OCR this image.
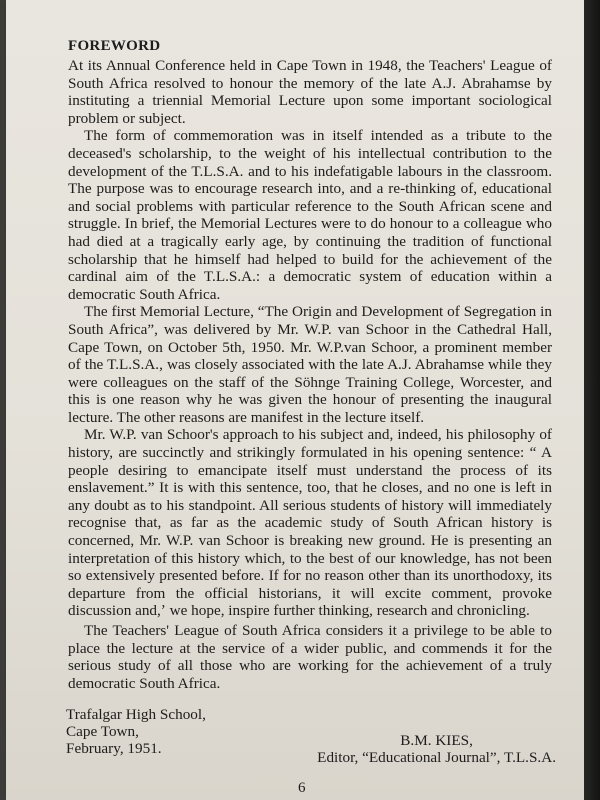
FOREWORD

At its Annual Conference held in Cape Town in 1948, the Teachers' League of South Africa resolved to honour the memory of the late A.J. Abrahamse by instituting a triennial Memorial Lecture upon some important sociological problem or subject.

The form of commemoration was in itself intended as a tribute to the deceased's scholarship, to the weight of his intellectual contribution to the development of the T.L.S.A. and to his indefatigable labours in the classroom. The purpose was to encourage research into, and a re-thinking of, educational and social problems with particular reference to the South African scene and struggle. In brief, the Memorial Lectures were to do honour to a colleague who had died at a tragically early age, by continuing the tradition of functional scholarship that he himself had helped to build for the achievement of the cardinal aim of the T.L.S.A.: a democratic system of education within a democratic South Africa.

The first Memorial Lecture, “The Origin and Development of Segregation in South Africa”, was delivered by Mr. W.P. van Schoor in the Cathedral Hall, Cape Town, on October 5th, 1950. Mr. W.P.van Schoor, a prominent member of the T.L.S.A., was closely associated with the late A.J. Abrahamse while they were colleagues on the staff of the Söhnge Training College, Worcester, and this is one reason why he was given the honour of presenting the inaugural lecture. The other reasons are manifest in the lecture itself.

Mr. W.P. van Schoor's approach to his subject and, indeed, his philosophy of history, are succinctly and strikingly formulated in his opening sentence: “ A people desiring to emancipate itself must understand the process of its enslavement.” It is with this sentence, too, that he closes, and no one is left in any doubt as to his standpoint. All serious students of history will immediately recognise that, as far as the academic study of South African history is concerned, Mr. W.P. van Schoor is breaking new ground. He is presenting an interpretation of this history which, to the best of our knowledge, has not been so extensively presented before. If for no reason other than its unorthodoxy, its departure from the official historians, it will excite comment, provoke discussion and,ʼ we hope, inspire further thinking, research and chronicling.

The Teachers' League of South Africa considers it a privilege to be able to place the lecture at the service of a wider public, and commends it for the serious study of all those who are working for the achievement of a truly democratic South Africa.

Trafalgar High School,
Cape Town,
February, 1951.	B.M. KIES,
Editor, “Educational Journal”, T.L.S.A.
6
